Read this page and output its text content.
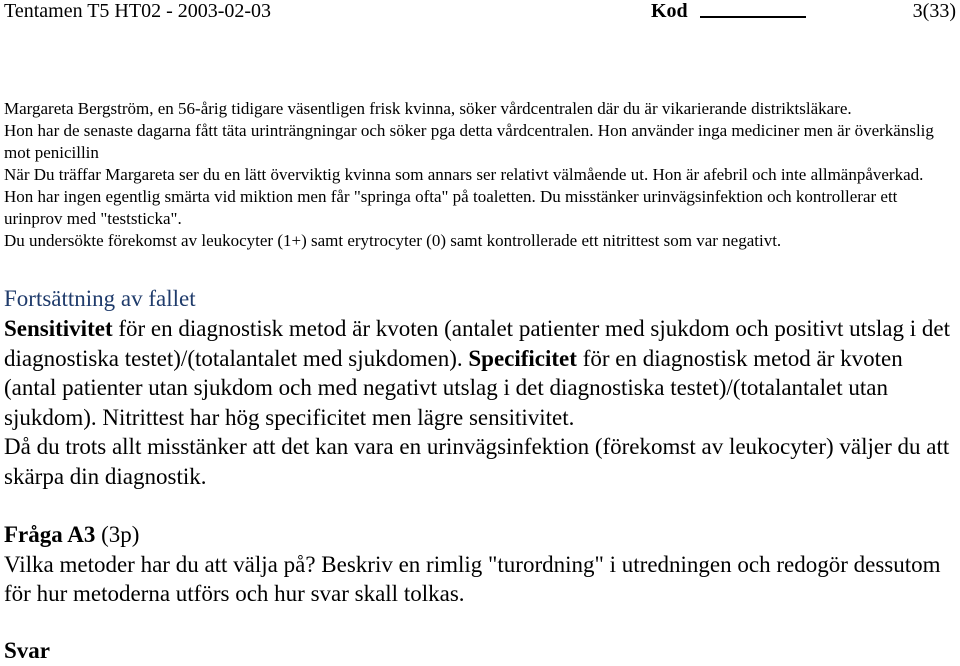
Tentamen T5 HT02 - 2003-02-03	Kod	3(33)

Margareta Bergström, en 56-årig tidigare väsentligen frisk kvinna, söker vårdcentralen där du är vikarierande distriktsläkare.

Hon har de senaste dagarna fått täta urinträngningar och söker pga detta vårdcentralen. Hon använder inga mediciner men är överkänslig mot penicillin

När Du träffar Margareta ser du en lätt överviktig kvinna som annars ser relativt välmående ut. Hon är afebril och inte allmänpåverkad. Hon har ingen egentlig smärta vid miktion men får "springa ofta" på toaletten. Du misstänker urinvägsinfektion och kontrollerar ett urinprov med "teststicka".

Du undersökte förekomst av leukocyter (1+) samt erytrocyter (0) samt kontrollerade ett nitrittest som var negativt.

Fortsättning av fallet

Sensitivitet för en diagnostisk metod är kvoten (antalet patienter med sjukdom och positivt utslag i det diagnostiska testet)/(totalantalet med sjukdomen). Specificitet för en diagnostisk metod är kvoten (antal patienter utan sjukdom och med negativt utslag i det diagnostiska testet)/(totalantalet utan sjukdom). Nitrittest har hög specificitet men lägre sensitivitet.

Då du trots allt misstänker att det kan vara en urinvägsinfektion (förekomst av leukocyter) väljer du att skärpa din diagnostik.

Fråga A3 (3p)

Vilka metoder har du att välja på? Beskriv en rimlig "turordning" i utredningen och redogör dessutom för hur metoderna utförs och hur svar skall tolkas.

Svar
